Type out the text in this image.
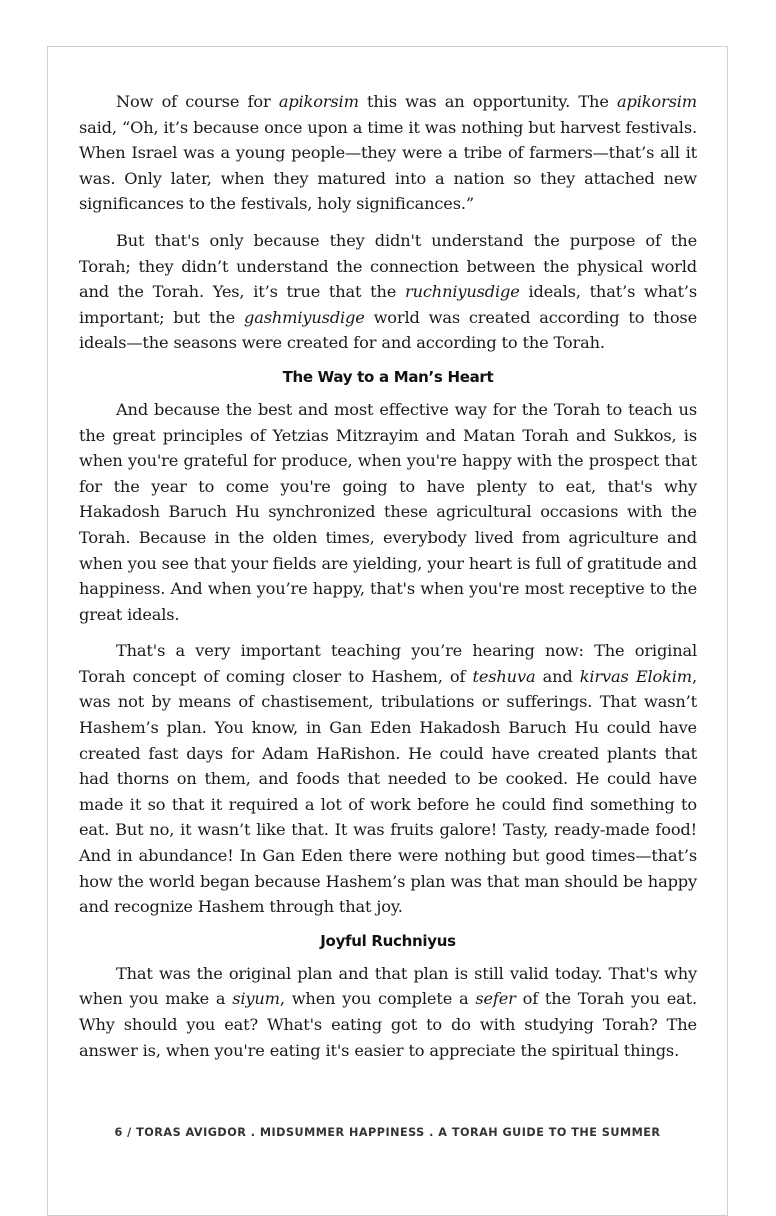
Now of course for apikorsim this was an opportunity. The apikorsim said, “Oh, it’s because once upon a time it was nothing but harvest festivals. When Israel was a young people—they were a tribe of farmers—that’s all it was. Only later, when they matured into a nation so they attached new significances to the festivals, holy significances.”

But that's only because they didn't understand the purpose of the Torah; they didn’t understand the connection between the physical world and the Torah. Yes, it’s true that the ruchniyusdige ideals, that’s what’s important; but the gashmiyusdige world was created according to those ideals—the seasons were created for and according to the Torah.

The Way to a Man’s Heart

And because the best and most effective way for the Torah to teach us the great principles of Yetzias Mitzrayim and Matan Torah and Sukkos, is when you're grateful for produce, when you're happy with the prospect that for the year to come you're going to have plenty to eat, that's why Hakadosh Baruch Hu synchronized these agricultural occasions with the Torah. Because in the olden times, everybody lived from agriculture and when you see that your fields are yielding, your heart is full of gratitude and happiness. And when you’re happy, that's when you're most receptive to the great ideals.

That's a very important teaching you’re hearing now: The original Torah concept of coming closer to Hashem, of teshuva and kirvas Elokim, was not by means of chastisement, tribulations or sufferings. That wasn’t Hashem’s plan. You know, in Gan Eden Hakadosh Baruch Hu could have created fast days for Adam HaRishon. He could have created plants that had thorns on them, and foods that needed to be cooked. He could have made it so that it required a lot of work before he could find something to eat. But no, it wasn’t like that. It was fruits galore! Tasty, ready-made food! And in abundance! In Gan Eden there were nothing but good times—that’s how the world began because Hashem’s plan was that man should be happy and recognize Hashem through that joy.

Joyful Ruchniyus

That was the original plan and that plan is still valid today. That's why when you make a siyum, when you complete a sefer of the Torah you eat. Why should you eat? What's eating got to do with studying Torah? The answer is, when you're eating it's easier to appreciate the spiritual things.

6 / TORAS AVIGDOR . MIDSUMMER HAPPINESS . A TORAH GUIDE TO THE SUMMER
